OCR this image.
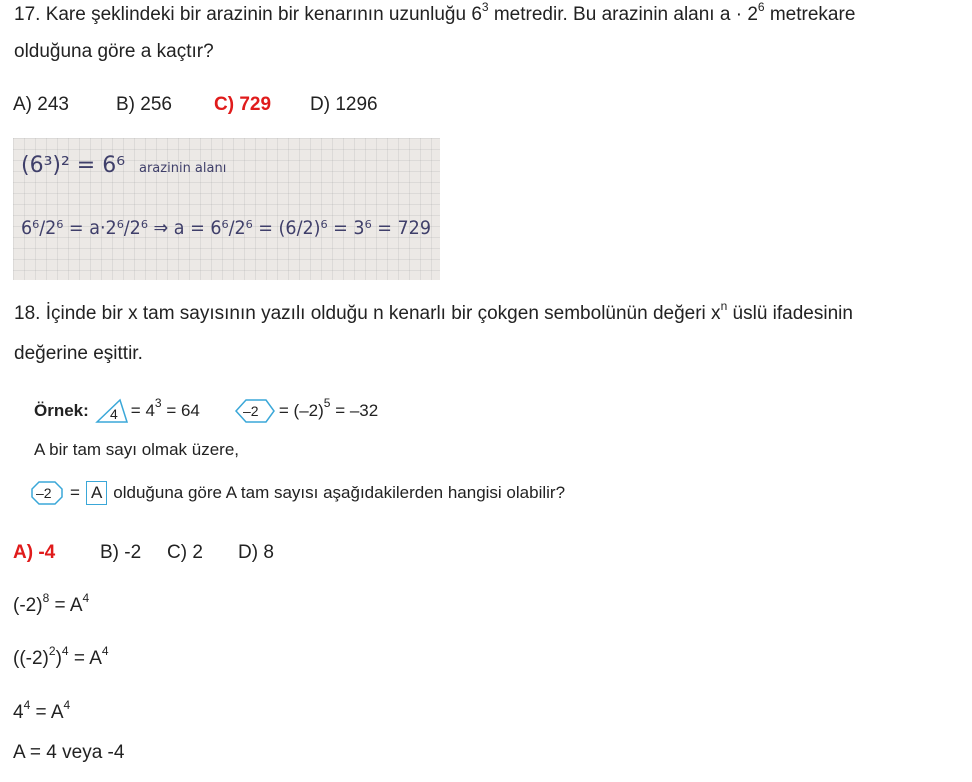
17. Kare şeklindeki bir arazinin bir kenarının uzunluğu $6^3$ metredir. Bu arazinin alanı $a \cdot 2^6$ metrekare
olduğuna göre a kaçtır?
A) 243	B) 256	C) 729	D) 1296
(6³)² = 6⁶ arazinin alanı
6⁶/2⁶ = a·2⁶/2⁶ ⇒ a = 6⁶/2⁶ = (6/2)⁶ = 3⁶ = 729
18. İçinde bir x tam sayısının yazılı olduğu n kenarlı bir çokgen sembolünün değeri $x^n$ üslü ifadesinin
değerine eşittir.
Örnek: $4 = 4^3 = 64$	$-2 = (-2)^5 = -32$
A bir tam sayı olmak üzere,
–2 = A olduğuna göre A tam sayısı aşağıdakilerden hangisi olabilir?
A) -4	B) -2	C) 2	D) 8
$(-2)^8 = A^4$
$((-2)^2)^4 = A^4$
$4^4 = A^4$
A = 4 veya -4
